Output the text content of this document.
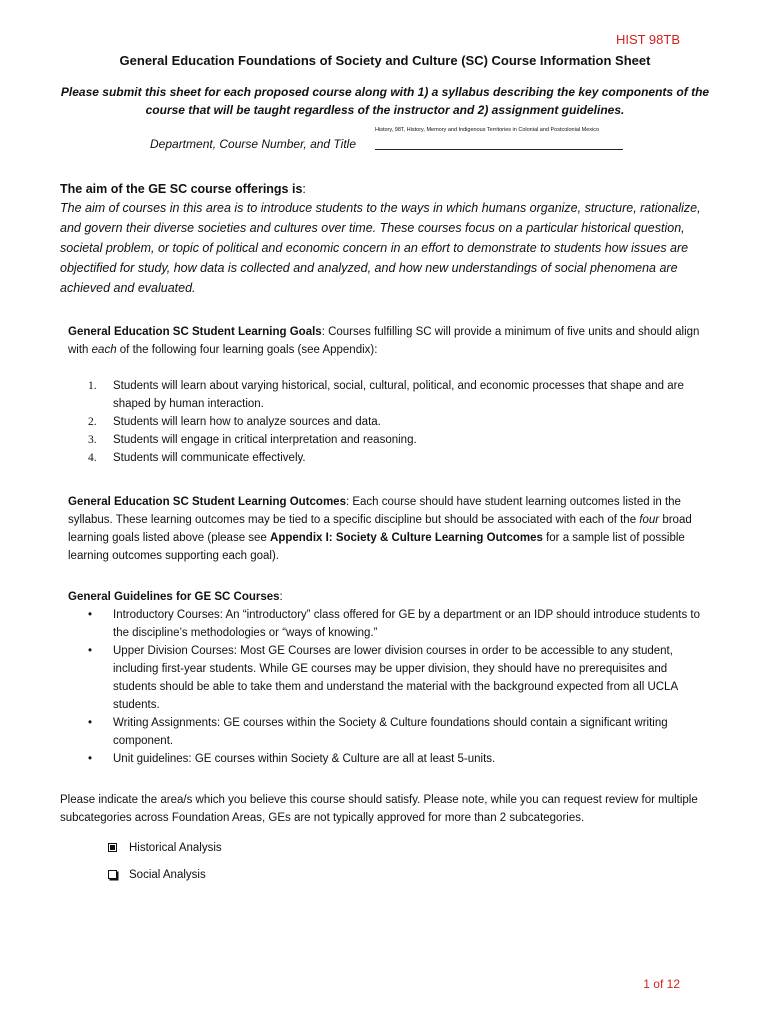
HIST 98TB
General Education Foundations of Society and Culture (SC) Course Information Sheet
Please submit this sheet for each proposed course along with 1) a syllabus describing the key components of the course that will be taught regardless of the instructor and 2) assignment guidelines.
Department, Course Number, and Title
History, 98T, History, Memory and Indigenous Territories in Colonial and Postcolonial Mexico
The aim of the GE SC course offerings is:
The aim of courses in this area is to introduce students to the ways in which humans organize, structure, rationalize, and govern their diverse societies and cultures over time. These courses focus on a particular historical question, societal problem, or topic of political and economic concern in an effort to demonstrate to students how issues are objectified for study, how data is collected and analyzed, and how new understandings of social phenomena are achieved and evaluated.
General Education SC Student Learning Goals: Courses fulfilling SC will provide a minimum of five units and should align with each of the following four learning goals (see Appendix):
1. Students will learn about varying historical, social, cultural, political, and economic processes that shape and are shaped by human interaction.
2. Students will learn how to analyze sources and data.
3. Students will engage in critical interpretation and reasoning.
4. Students will communicate effectively.
General Education SC Student Learning Outcomes: Each course should have student learning outcomes listed in the syllabus. These learning outcomes may be tied to a specific discipline but should be associated with each of the four broad learning goals listed above (please see Appendix I: Society & Culture Learning Outcomes for a sample list of possible learning outcomes supporting each goal).
General Guidelines for GE SC Courses:
• Introductory Courses: An “introductory” class offered for GE by a department or an IDP should introduce students to the discipline’s methodologies or “ways of knowing.”
• Upper Division Courses: Most GE Courses are lower division courses in order to be accessible to any student, including first-year students. While GE courses may be upper division, they should have no prerequisites and students should be able to take them and understand the material with the background expected from all UCLA students.
• Writing Assignments: GE courses within the Society & Culture foundations should contain a significant writing component.
• Unit guidelines: GE courses within Society & Culture are all at least 5-units.
Please indicate the area/s which you believe this course should satisfy. Please note, while you can request review for multiple subcategories across Foundation Areas, GEs are not typically approved for more than 2 subcategories.
Historical Analysis
Social Analysis
1 of 12
